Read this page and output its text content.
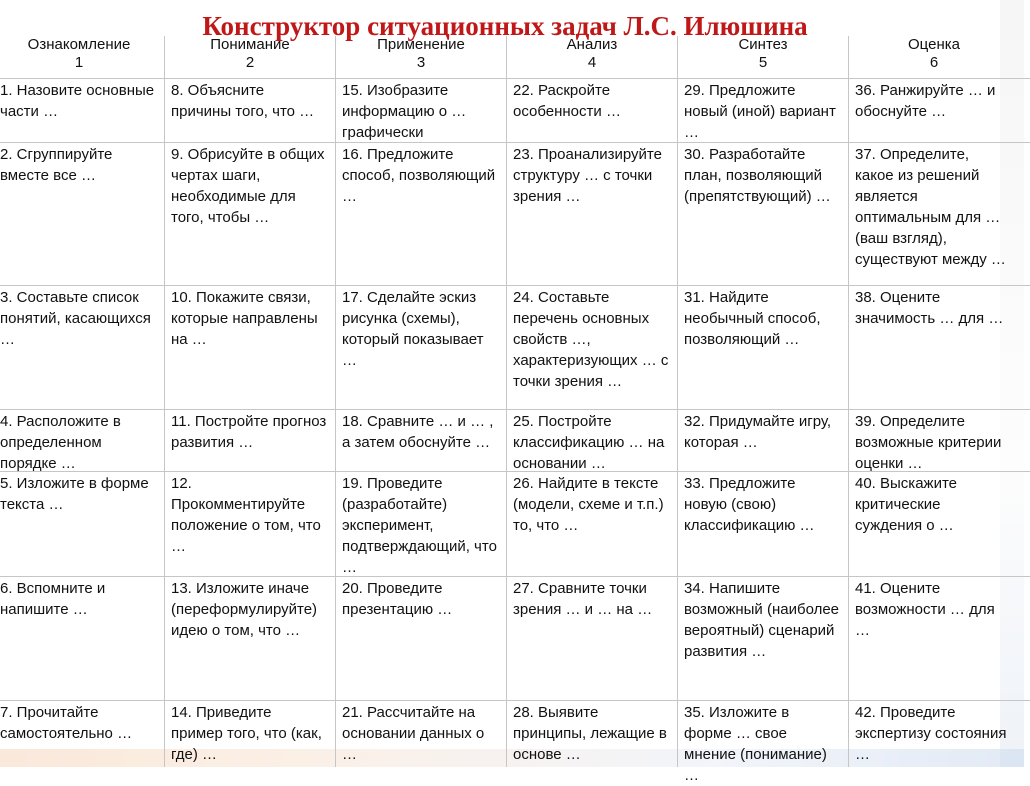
Конструктор ситуационных задач Л.С. Илюшина
Ознакомление
1
1. Назовите основные части …
2. Сгруппируйте вместе все …
3. Составьте список понятий, касающихся …
4. Расположите в определенном порядке …
5. Изложите в форме текста …
6. Вспомните и напишите …
7. Прочитайте самостоятельно …
Понимание
2
8. Объясните причины того, что …
9. Обрисуйте в общих чертах шаги, необходимые для того, чтобы …
10. Покажите связи, которые направлены на …
11. Постройте прогноз развития …
12. Прокомментируйте положение о том, что …
13. Изложите иначе (переформулируйте) идею о том, что …
14. Приведите пример того, что (как, где) …
Применение
3
15. Изобразите информацию о … графически
16. Предложите способ, позволяющий …
17. Сделайте эскиз рисунка (схемы), который показывает …
18. Сравните … и … , а затем обоснуйте …
19. Проведите (разработайте) эксперимент, подтверждающий, что …
20. Проведите презентацию …
21. Рассчитайте на основании данных о …
Анализ
4
22. Раскройте особенности …
23. Проанализируйте структуру … с точки зрения …
24. Составьте перечень основных свойств …, характеризующих … с точки зрения …
25. Постройте классификацию … на основании …
26. Найдите в тексте (модели, схеме и т.п.) то, что …
27. Сравните точки зрения … и … на …
28. Выявите принципы, лежащие в основе …
Синтез
5
29. Предложите новый (иной) вариант …
30. Разработайте план, позволяющий (препятствующий) …
31. Найдите необычный способ, позволяющий …
32. Придумайте игру, которая …
33. Предложите новую (свою) классификацию …
34. Напишите возможный (наиболее вероятный) сценарий развития …
35. Изложите в форме … свое мнение (понимание) …
Оценка
6
36. Ранжируйте … и обоснуйте …
37. Определите, какое из решений является оптимальным для … (ваш взгляд), существуют между …
38. Оцените значимость … для …
39. Определите возможные критерии оценки …
40. Выскажите критические суждения о …
41. Оцените возможности … для …
42. Проведите экспертизу состояния …
